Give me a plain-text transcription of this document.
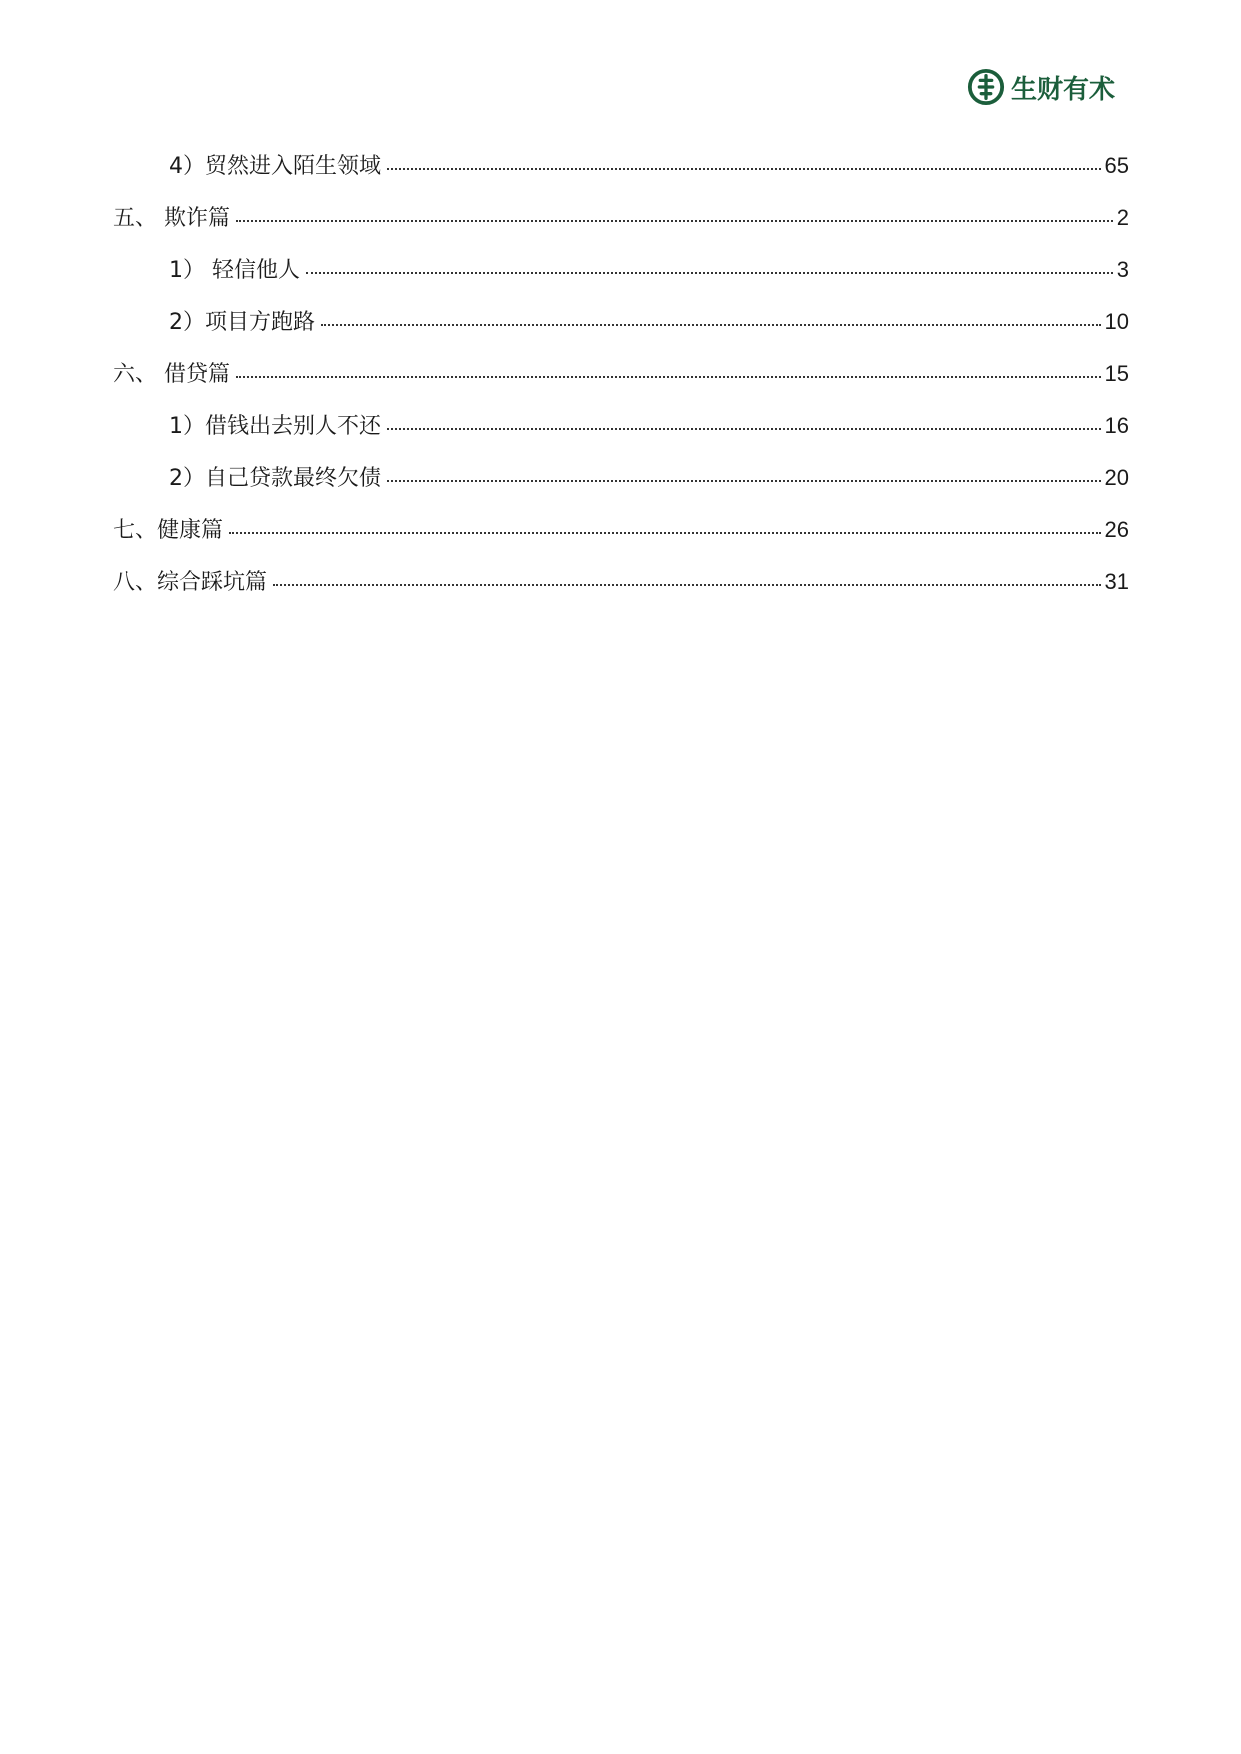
生财有术
4）贸然进入陌生领域	65
五、 欺诈篇	2
1） 轻信他人	3
2）项目方跑路	10
六、 借贷篇	15
1）借钱出去别人不还	16
2）自己贷款最终欠债	20
七、健康篇	26
八、综合踩坑篇	31
